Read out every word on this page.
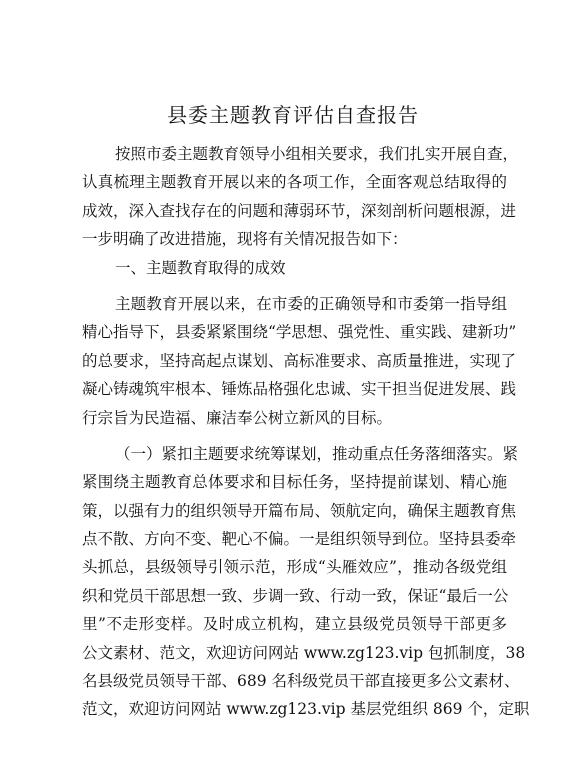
县委主题教育评估自查报告
按照市委主题教育领导小组相关要求，我们扎实开展自查，
认真梳理主题教育开展以来的各项工作，全面客观总结取得的
成效，深入查找存在的问题和薄弱环节，深刻剖析问题根源，进
一步明确了改进措施，现将有关情况报告如下：
一、主题教育取得的成效
主题教育开展以来，在市委的正确领导和市委第一指导组
精心指导下，县委紧紧围绕“学思想、强党性、重实践、建新功”
的总要求，坚持高起点谋划、高标准要求、高质量推进，实现了
凝心铸魂筑牢根本、锤炼品格强化忠诚、实干担当促进发展、践
行宗旨为民造福、廉洁奉公树立新风的目标。
（一）紧扣主题要求统筹谋划，推动重点任务落细落实。紧
紧围绕主题教育总体要求和目标任务，坚持提前谋划、精心施
策，以强有力的组织领导开篇布局、领航定向，确保主题教育焦
点不散、方向不变、靶心不偏。一是组织领导到位。坚持县委牵
头抓总，县级领导引领示范，形成“头雁效应”，推动各级党组
织和党员干部思想一致、步调一致、行动一致，保证“最后一公
里”不走形变样。及时成立机构，建立县级党员领导干部更多
公文素材、范文，欢迎访问网站 www.zg123.vip 包抓制度，38
名县级党员领导干部、689 名科级党员干部直接更多公文素材、
范文，欢迎访问网站 www.zg123.vip 基层党组织 869 个，定职
